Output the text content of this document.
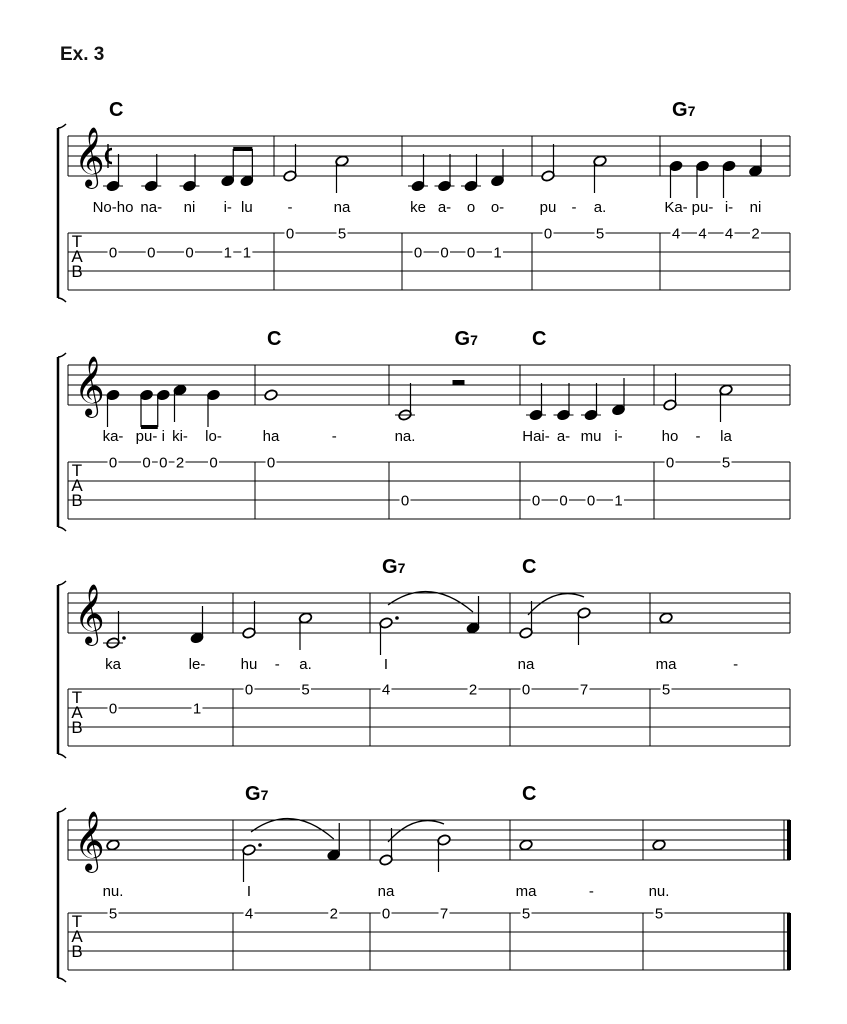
Ex. 3
𝄞
T
A
B
C	G7
0 0 0 1 1
0	5
0 0 0 1
0	5	4 4 4 2
No-ho na- ni i- lu -	na	ke a- o o- pu - a.	Ka- pu- i- ni
𝄞
T
A
B
C	G7	C
0 0 0 2 0	0
0	0 0 0 1
0	5
ka- pu- i ki- lo-	ha	-	na.	Hai- a- mu i-	ho - la
𝄞
T
A
B
G7	C
0	1
0	5	4	2	0	7	5
ka	le- hu - a.	I	na	ma	-
𝄞
T
A
B
G7	C
5	4	2	0	7	5	5
nu.	I	na	ma	-	nu.
